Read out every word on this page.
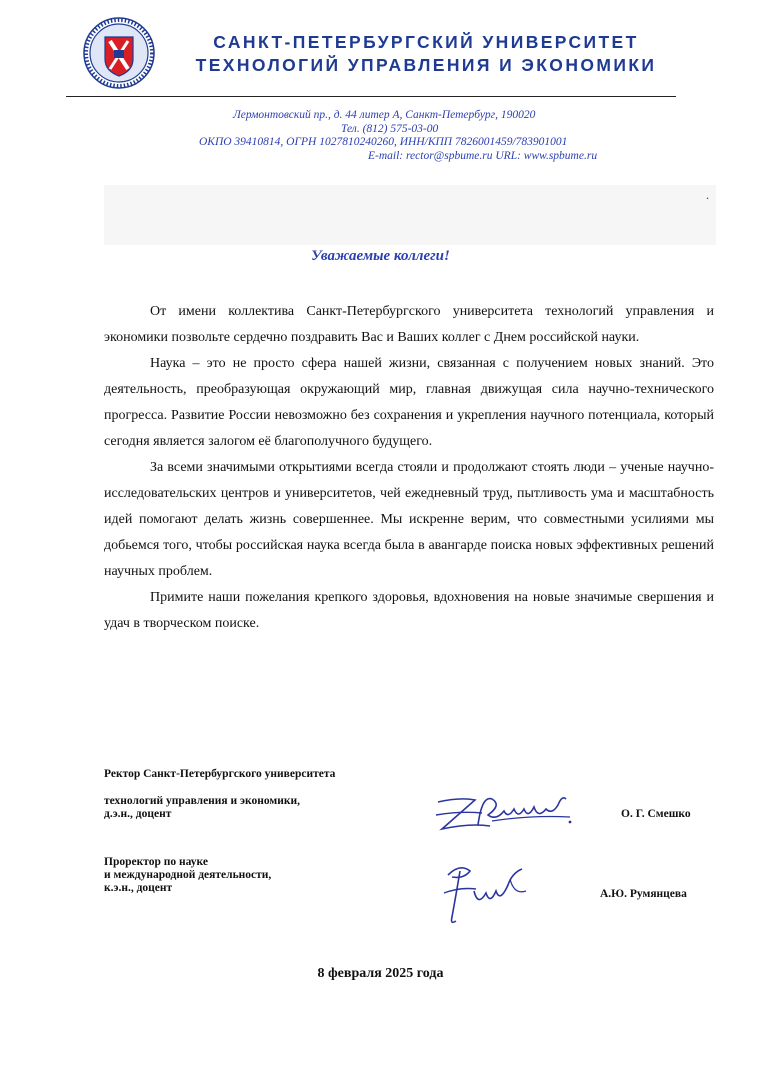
САНКТ-ПЕТЕРБУРГСКИЙ УНИВЕРСИТЕТ
ТЕХНОЛОГИЙ УПРАВЛЕНИЯ И ЭКОНОМИКИ
Лермонтовский пр., д. 44 литер А, Санкт-Петербург, 190020
Тел. (812) 575-03-00
ОКПО 39410814, ОГРН 1027810240260, ИНН/КПП 7826001459/783901001
E-mail: rector@spbume.ru URL: www.spbume.ru
.
Уважаемые коллеги!

От имени коллектива Санкт-Петербургского университета технологий управления и экономики позвольте сердечно поздравить Вас и Ваших коллег с Днем российской науки.

Наука – это не просто сфера нашей жизни, связанная с получением новых знаний. Это деятельность, преобразующая окружающий мир, главная движущая сила научно-технического прогресса. Развитие России невозможно без сохранения и укрепления научного потенциала, который сегодня является залогом её благополучного будущего.

За всеми значимыми открытиями всегда стояли и продолжают стоять люди – ученые научно-исследовательских центров и университетов, чей ежедневный труд, пытливость ума и масштабность идей помогают делать жизнь совершеннее. Мы искренне верим, что совместными усилиями мы добьемся того, чтобы российская наука всегда была в авангарде поиска новых эффективных решений научных проблем.

Примите наши пожелания крепкого здоровья, вдохновения на новые значимые свершения и удач в творческом поиске.

Ректор Санкт-Петербургского университета
технологий управления и экономики,
д.э.н., доцент	О. Г. Смешко
Проректор по науке
и международной деятельности,
к.э.н., доцент	А.Ю. Румянцева
8 февраля 2025 года
